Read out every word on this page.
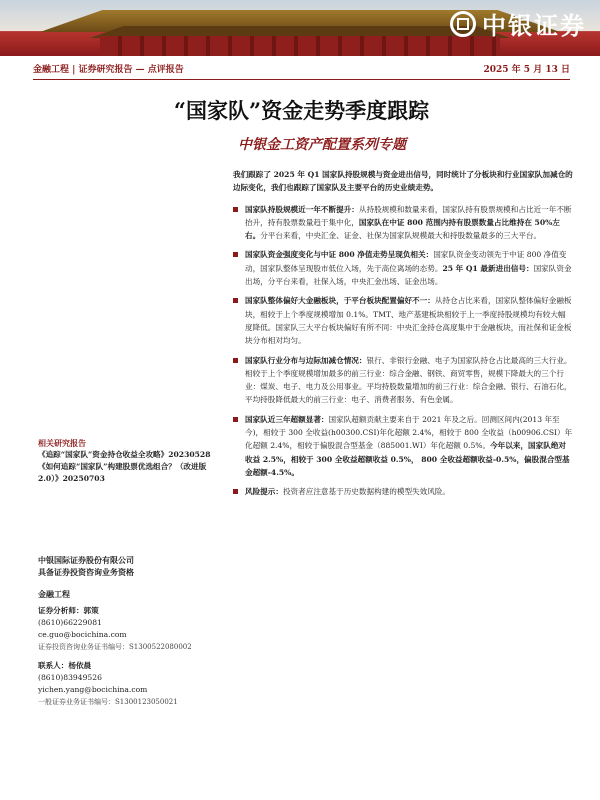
中银证券
金融工程 | 证券研究报告 — 点评报告	2025 年 5 月 13 日
“国家队”资金走势季度跟踪
中银金工资产配置系列专题

我们跟踪了 2025 年 Q1 国家队持股规模与资金进出信号，同时统计了分板块和行业国家队加减仓的边际变化，我们也跟踪了国家队及主要平台的历史业绩走势。

国家队持股规模近一年不断提升：从持股规模和数量来看，国家队持有股票规模和占比近一年不断抬升，持有股票数量趋于集中化，国家队在中证 800 范围内持有股票数量占比维持在 50%左右。分平台来看，中央汇金、证金、社保为国家队规模最大和持股数量最多的三大平台。
国家队资金强度变化与中证 800 净值走势呈现负相关：国家队资金变动领先于中证 800 净值变动，国家队整体呈现股市低位入场，先于高位离场的态势。25 年 Q1 最新进出信号：国家队资金出场，分平台来看，社保入场，中央汇金出场、证金出场。
国家队整体偏好大金融板块，于平台板块配置偏好不一：从持仓占比来看，国家队整体偏好金融板块，相较于上个季度规模增加 0.1%。TMT、地产基建板块相较于上一季度持股规模均有较大幅度降低。国家队三大平台板块偏好有所不同：中央汇金持仓高度集中于金融板块，而社保和证金板块分布相对均匀。
国家队行业分布与边际加减仓情况：银行、非银行金融、电子为国家队持仓占比最高的三大行业。相较于上个季度规模增加最多的前三行业：综合金融、钢铁、商贸零售，规模下降最大的三个行业：煤炭、电子、电力及公用事业。平均持股数量增加的前三行业：综合金融、银行、石油石化，平均持股降低最大的前三行业：电子、消费者服务、有色金属。
国家队近三年超额显著：国家队超额贡献主要来自于 2021 年及之后。回测区间内(2013 年至今)，相较于 300 全收益(h00300.CSI)年化超额 2.4%，相较于 800 全收益（h00906.CSI）年化超额 2.4%，相较于偏股混合型基金（885001.WI）年化超额 0.5%。今年以来，国家队绝对收益 2.5%，相较于 300 全收益超额收益 0.5%， 800 全收益超额收益-0.5%，偏股混合型基金超额-4.5%。
风险提示：投资者应注意基于历史数据构建的模型失效风险。
相关研究报告

《追踪“国家队”资金持仓收益全攻略》20230528

《如何追踪“国家队”构建股票优选组合？（改进版 2.0）》20250703

中银国际证券股份有限公司

具备证券投资咨询业务资格

金融工程

证券分析师：郭策

(8610)66229081

ce.guo@bocichina.com

证券投资咨询业务证书编号：S1300522080002

联系人：杨依晨

(8610)83949526

yichen.yang@bocichina.com

一般证券业务证书编号：S1300123050021
